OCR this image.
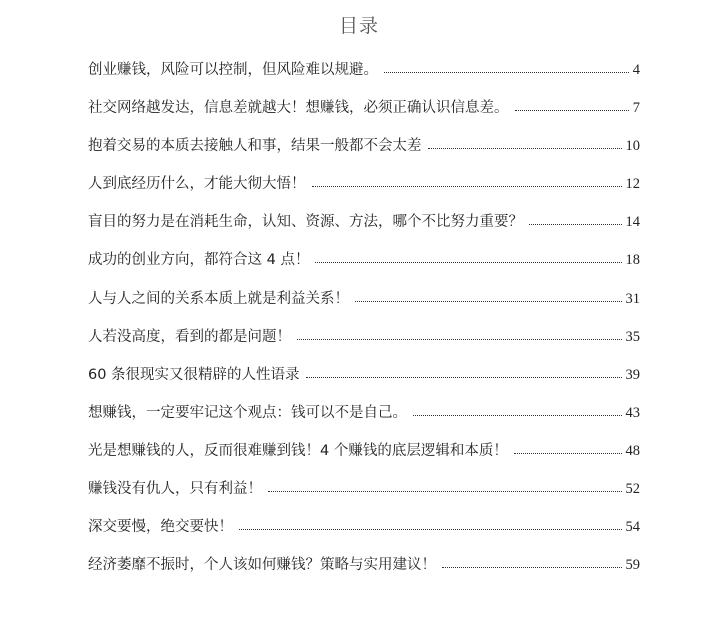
目录
创业赚钱，风险可以控制，但风险难以规避。	4
社交网络越发达，信息差就越大！想赚钱，必须正确认识信息差。	7
抱着交易的本质去接触人和事，结果一般都不会太差	10
人到底经历什么，才能大彻大悟！	12
盲目的努力是在消耗生命，认知、资源、方法，哪个不比努力重要？	14
成功的创业方向，都符合这 4 点！	18
人与人之间的关系本质上就是利益关系！	31
人若没高度，看到的都是问题！	35
60 条很现实又很精辟的人性语录	39
想赚钱，一定要牢记这个观点：钱可以不是自己。	43
光是想赚钱的人，反而很难赚到钱！4 个赚钱的底层逻辑和本质！	48
赚钱没有仇人，只有利益！	52
深交要慢，绝交要快！	54
经济萎靡不振时，个人该如何赚钱？策略与实用建议！	59
